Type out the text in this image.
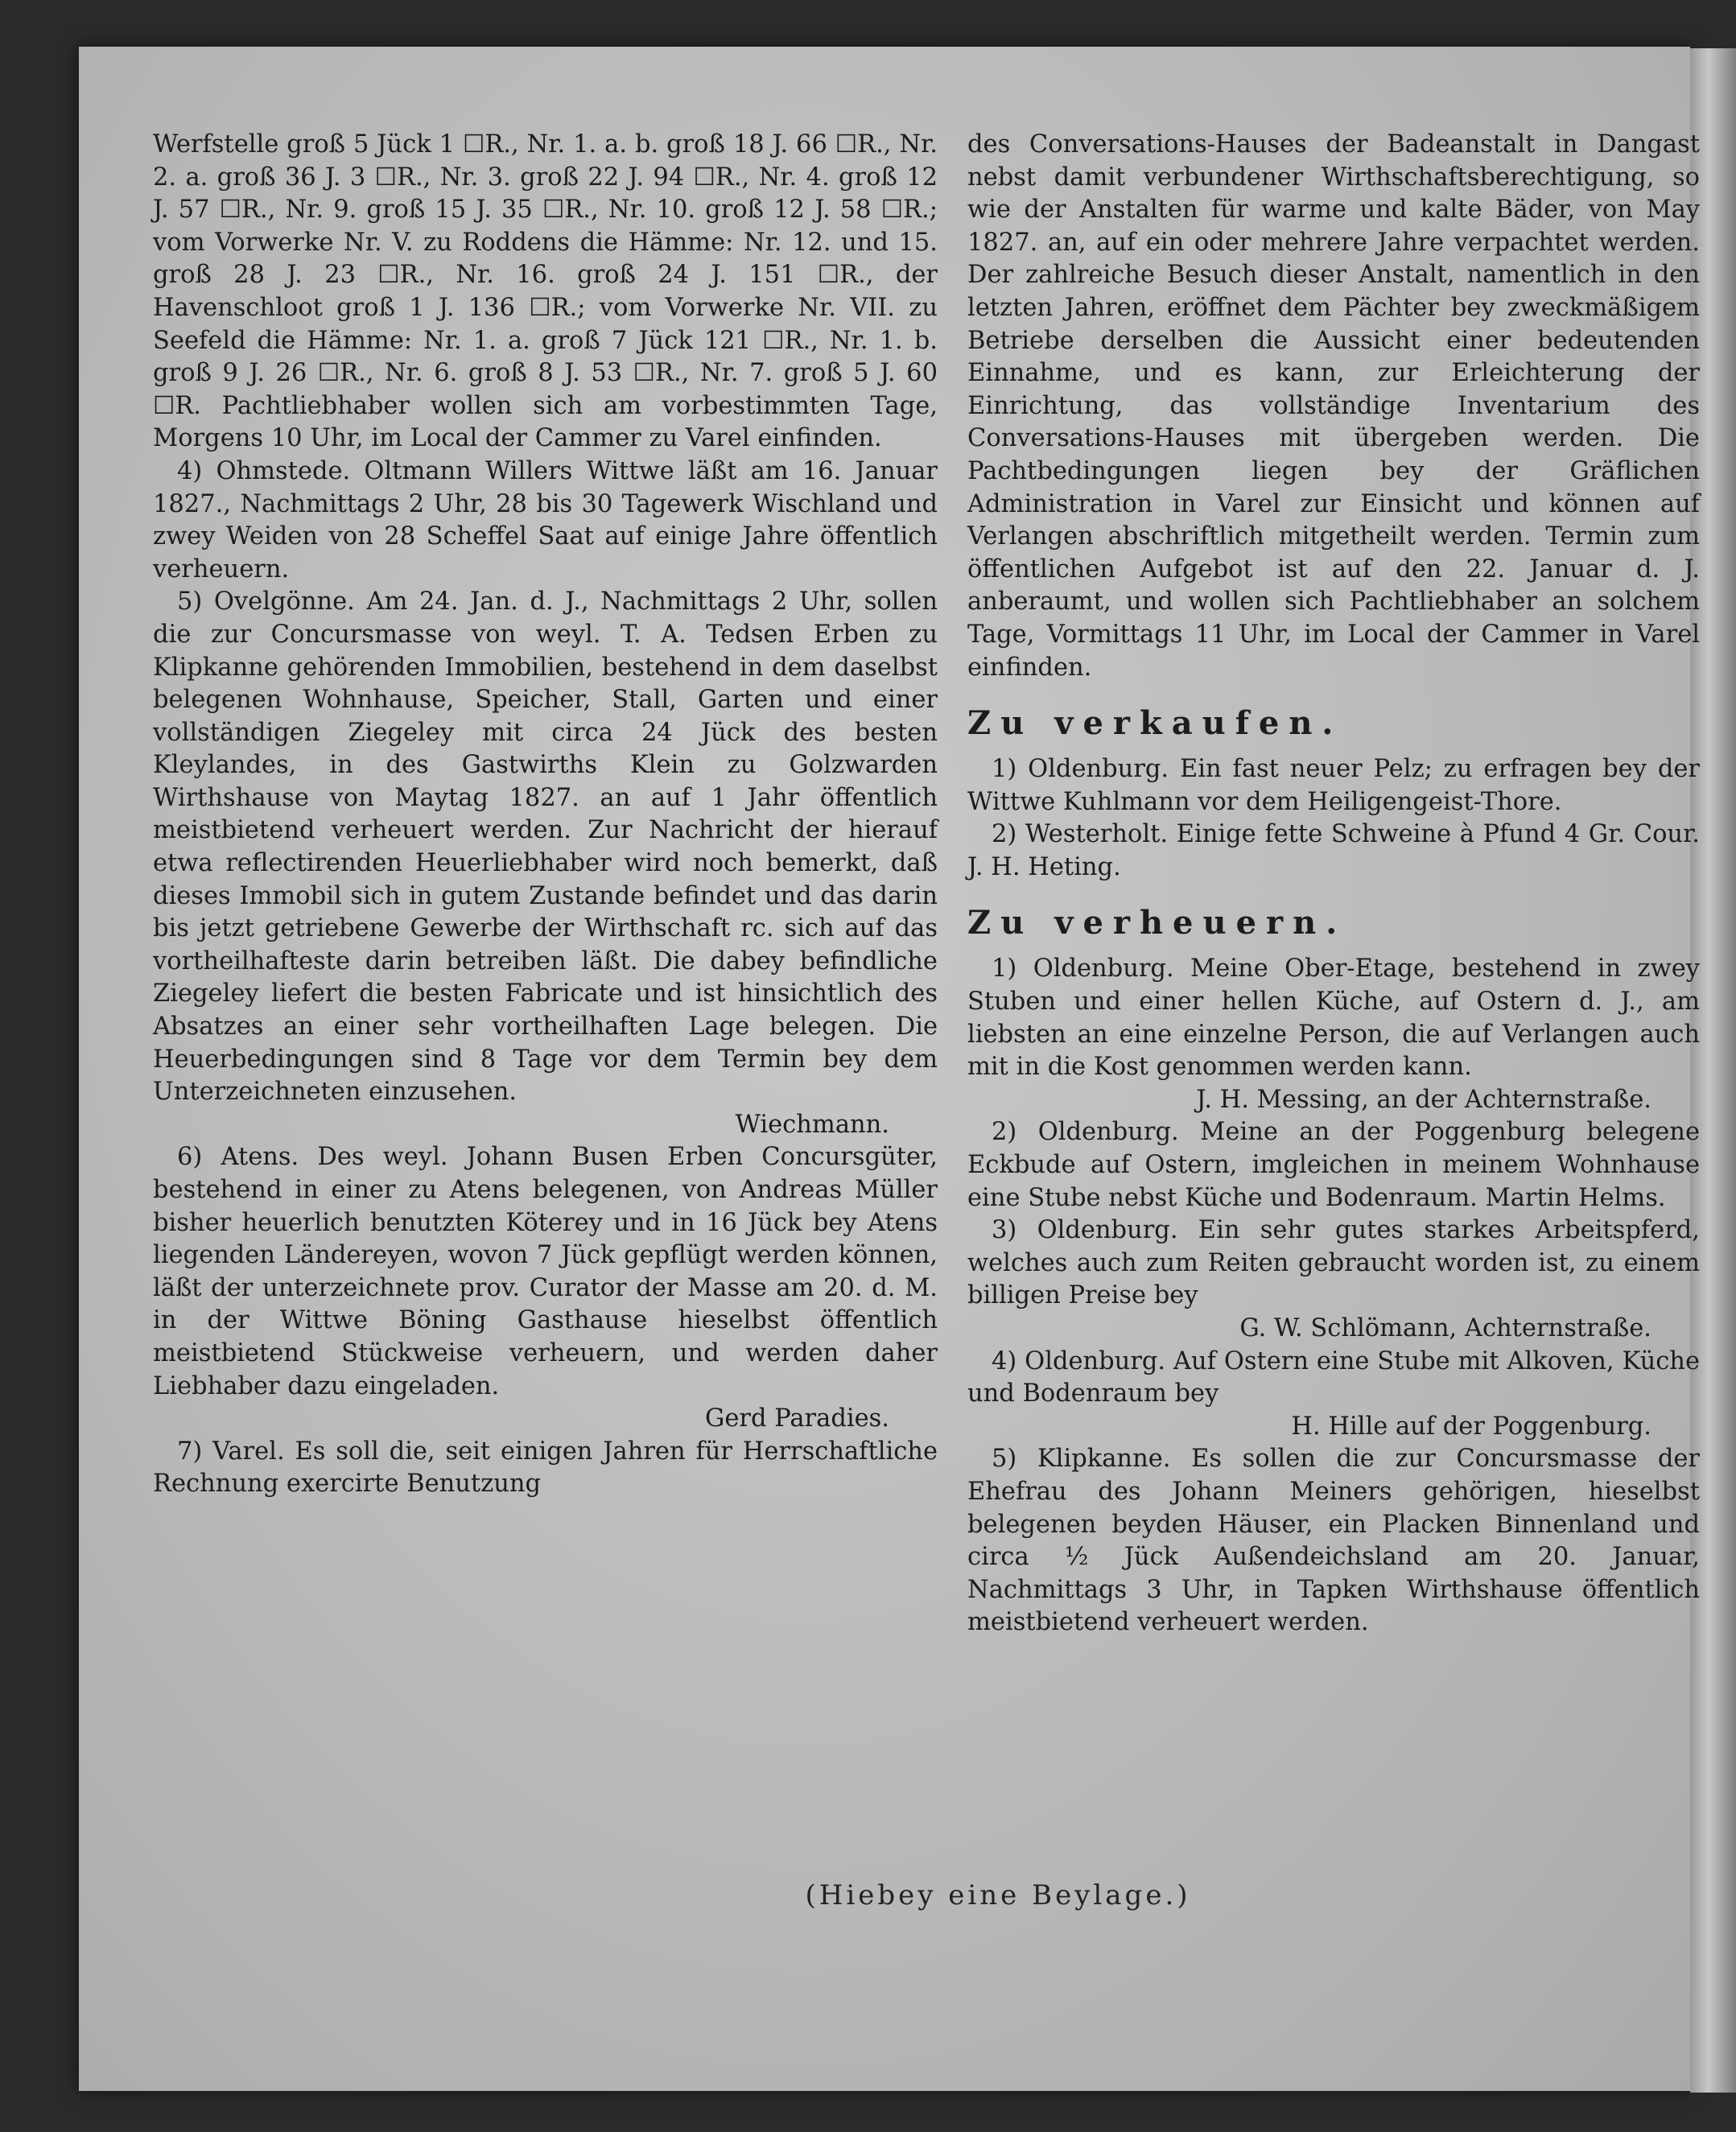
Werfstelle groß 5 Jück 1 ☐R., Nr. 1. a. b. groß 18 J. 66 ☐R., Nr. 2. a. groß 36 J. 3 ☐R., Nr. 3. groß 22 J. 94 ☐R., Nr. 4. groß 12 J. 57 ☐R., Nr. 9. groß 15 J. 35 ☐R., Nr. 10. groß 12 J. 58 ☐R.; vom Vorwerke Nr. V. zu Roddens die Hämme: Nr. 12. und 15. groß 28 J. 23 ☐R., Nr. 16. groß 24 J. 151 ☐R., der Havenschloot groß 1 J. 136 ☐R.; vom Vorwerke Nr. VII. zu Seefeld die Hämme: Nr. 1. a. groß 7 Jück 121 ☐R., Nr. 1. b. groß 9 J. 26 ☐R., Nr. 6. groß 8 J. 53 ☐R., Nr. 7. groß 5 J. 60 ☐R. Pachtliebhaber wollen sich am vorbestimmten Tage, Morgens 10 Uhr, im Local der Cammer zu Varel einfinden.

4) Ohmstede. Oltmann Willers Wittwe läßt am 16. Januar 1827., Nachmittags 2 Uhr, 28 bis 30 Tagewerk Wischland und zwey Weiden von 28 Scheffel Saat auf einige Jahre öffentlich verheuern.

5) Ovelgönne. Am 24. Jan. d. J., Nachmittags 2 Uhr, sollen die zur Concursmasse von weyl. T. A. Tedsen Erben zu Klipkanne gehörenden Immobilien, bestehend in dem daselbst belegenen Wohnhause, Speicher, Stall, Garten und einer vollständigen Ziegeley mit circa 24 Jück des besten Kleylandes, in des Gastwirths Klein zu Golzwarden Wirthshause von Maytag 1827. an auf 1 Jahr öffentlich meistbietend verheuert werden. Zur Nachricht der hierauf etwa reflectirenden Heuerliebhaber wird noch bemerkt, daß dieses Immobil sich in gutem Zustande befindet und das darin bis jetzt getriebene Gewerbe der Wirthschaft rc. sich auf das vortheilhafteste darin betreiben läßt. Die dabey befindliche Ziegeley liefert die besten Fabricate und ist hinsichtlich des Absatzes an einer sehr vortheilhaften Lage belegen. Die Heuerbedingungen sind 8 Tage vor dem Termin bey dem Unterzeichneten einzusehen.

Wiechmann.

6) Atens. Des weyl. Johann Busen Erben Concursgüter, bestehend in einer zu Atens belegenen, von Andreas Müller bisher heuerlich benutzten Köterey und in 16 Jück bey Atens liegenden Ländereyen, wovon 7 Jück gepflügt werden können, läßt der unterzeichnete prov. Curator der Masse am 20. d. M. in der Wittwe Böning Gasthause hieselbst öffentlich meistbietend Stückweise verheuern, und werden daher Liebhaber dazu eingeladen.

Gerd Paradies.

7) Varel. Es soll die, seit einigen Jahren für Herrschaftliche Rechnung exercirte Benutzung

des Conversations-Hauses der Badeanstalt in Dangast nebst damit verbundener Wirthschaftsberechtigung, so wie der Anstalten für warme und kalte Bäder, von May 1827. an, auf ein oder mehrere Jahre verpachtet werden. Der zahlreiche Besuch dieser Anstalt, namentlich in den letzten Jahren, eröffnet dem Pächter bey zweckmäßigem Betriebe derselben die Aussicht einer bedeutenden Einnahme, und es kann, zur Erleichterung der Einrichtung, das vollständige Inventarium des Conversations-Hauses mit übergeben werden. Die Pachtbedingungen liegen bey der Gräflichen Administration in Varel zur Einsicht und können auf Verlangen abschriftlich mitgetheilt werden. Termin zum öffentlichen Aufgebot ist auf den 22. Januar d. J. anberaumt, und wollen sich Pachtliebhaber an solchem Tage, Vormittags 11 Uhr, im Local der Cammer in Varel einfinden.

Zu verkaufen.

1) Oldenburg. Ein fast neuer Pelz; zu erfragen bey der Wittwe Kuhlmann vor dem Heiligengeist-Thore.

2) Westerholt. Einige fette Schweine à Pfund 4 Gr. Cour. J. H. Heting.

Zu verheuern.

1) Oldenburg. Meine Ober-Etage, bestehend in zwey Stuben und einer hellen Küche, auf Ostern d. J., am liebsten an eine einzelne Person, die auf Verlangen auch mit in die Kost genommen werden kann.

J. H. Messing, an der Achternstraße.

2) Oldenburg. Meine an der Poggenburg belegene Eckbude auf Ostern, imgleichen in meinem Wohnhause eine Stube nebst Küche und Bodenraum. Martin Helms.

3) Oldenburg. Ein sehr gutes starkes Arbeitspferd, welches auch zum Reiten gebraucht worden ist, zu einem billigen Preise bey

G. W. Schlömann, Achternstraße.

4) Oldenburg. Auf Ostern eine Stube mit Alkoven, Küche und Bodenraum bey

H. Hille auf der Poggenburg.

5) Klipkanne. Es sollen die zur Concursmasse der Ehefrau des Johann Meiners gehörigen, hieselbst belegenen beyden Häuser, ein Placken Binnenland und circa ½ Jück Außendeichsland am 20. Januar, Nachmittags 3 Uhr, in Tapken Wirthshause öffentlich meistbietend verheuert werden.

(Hiebey eine Beylage.)
